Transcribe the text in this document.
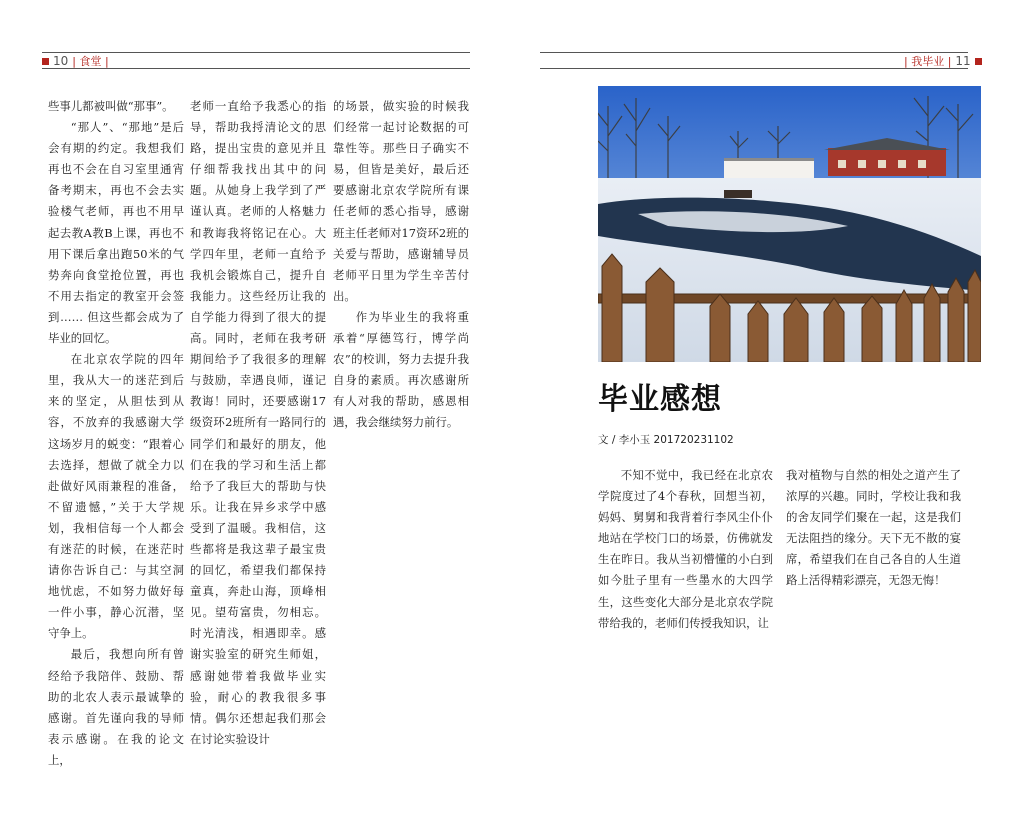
10 | 食堂 |

些事儿都被叫做“那事”。

“那人”、“那地”是后会有期的约定。我想我们再也不会在自习室里通宵备考期末，再也不会去实验楼气老师，再也不用早起去教A教B上课，再也不用下课后拿出跑50米的气势奔向食堂抢位置，再也不用去指定的教室开会签到…… 但这些都会成为了毕业的回忆。

在北京农学院的四年里，我从大一的迷茫到后来的坚定，从胆怯到从容，不放弃的我感谢大学这场岁月的蜕变：“跟着心去选择，想做了就全力以赴做好风雨兼程的准备，不留遗憾，”关于大学规划，我相信每一个人都会有迷茫的时候，在迷茫时请你告诉自己：与其空洞地忧虑，不如努力做好每一件小事，静心沉潜，坚守争上。

最后，我想向所有曾经给予我陪伴、鼓励、帮助的北农人表示最诚挚的感谢。首先谨向我的导师表示感谢。在我的论文上，

老师一直给予我悉心的指导，帮助我捋清论文的思路，提出宝贵的意见并且仔细帮我找出其中的问题。从她身上我学到了严谨认真。老师的人格魅力和教诲我将铭记在心。大学四年里，老师一直给予我机会锻炼自己，提升自我能力。这些经历让我的自学能力得到了很大的提高。同时，老师在我考研期间给予了我很多的理解与鼓励，幸遇良师，谨记教诲！同时，还要感谢17级资环2班所有一路同行的同学们和最好的朋友，他们在我的学习和生活上都给予了我巨大的帮助与快乐。让我在异乡求学中感受到了温暖。我相信，这些都将是我这辈子最宝贵的回忆，希望我们都保持童真，奔赴山海，顶峰相见。望苟富贵，勿相忘。时光清浅，相遇即幸。感谢实验室的研究生师姐，感谢她带着我做毕业实验，耐心的教我很多事情。偶尔还想起我们那会在讨论实验设计

的场景，做实验的时候我们经常一起讨论数据的可靠性等。那些日子确实不易，但皆是美好，最后还要感谢北京农学院所有课任老师的悉心指导，感谢班主任老师对17资环2班的关爱与帮助，感谢辅导员老师平日里为学生辛苦付出。

作为毕业生的我将重承着“厚德笃行，博学尚农”的校训，努力去提升我自身的素质。再次感谢所有人对我的帮助，感恩相遇，我会继续努力前行。

| 我毕业 | 11
毕业感想
文 / 李小玉 201720231102

不知不觉中，我已经在北京农学院度过了4个春秋，回想当初，妈妈、舅舅和我背着行李风尘仆仆地站在学校门口的场景，仿佛就发生在昨日。我从当初懵懂的小白到如今肚子里有一些墨水的大四学生，这些变化大部分是北京农学院带给我的，老师们传授我知识，让

我对植物与自然的相处之道产生了浓厚的兴趣。同时，学校让我和我的舍友同学们聚在一起，这是我们无法阻挡的缘分。天下无不散的宴席，希望我们在自己各自的人生道路上活得精彩漂亮，无怨无悔！
